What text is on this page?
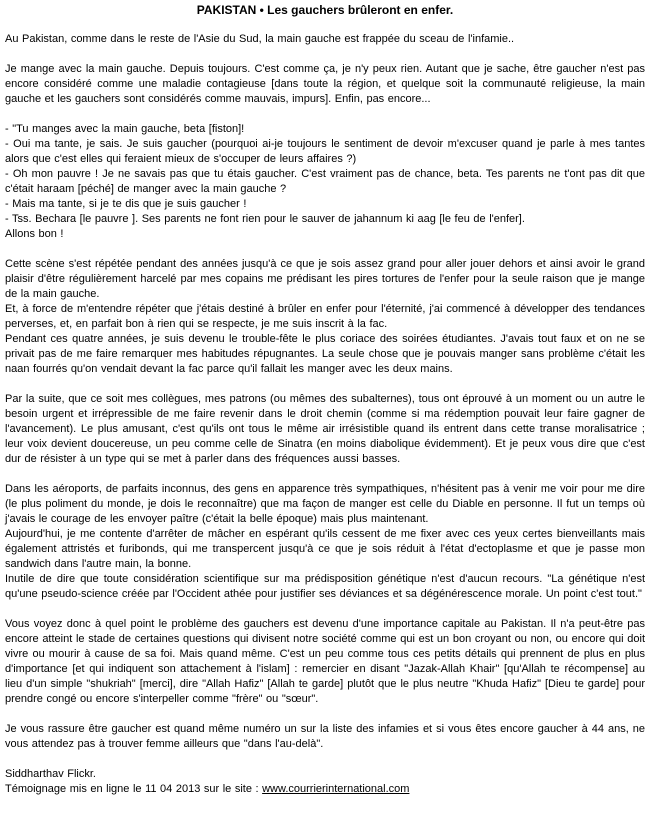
PAKISTAN • Les gauchers brûleront en enfer.
Au Pakistan, comme dans le reste de l'Asie du Sud, la main gauche est frappée du sceau de l'infamie..
Je mange avec la main gauche. Depuis toujours. C'est comme ça, je n'y peux rien. Autant que je sache, être gaucher n'est pas encore considéré comme une maladie contagieuse [dans toute la région, et quelque soit la communauté religieuse, la main gauche et les gauchers sont considérés comme mauvais, impurs]. Enfin, pas encore...
- "Tu manges avec la main gauche, beta [fiston]!
- Oui ma tante, je sais. Je suis gaucher (pourquoi ai-je toujours le sentiment de devoir m'excuser quand je parle à mes tantes alors que c'est elles qui feraient mieux de s'occuper de leurs affaires ?)
- Oh mon pauvre ! Je ne savais pas que tu étais gaucher. C'est vraiment pas de chance, beta. Tes parents ne t'ont pas dit que c'était haraam [péché] de manger avec la main gauche ?
- Mais ma tante, si je te dis que je suis gaucher !
- Tss. Bechara [le pauvre ]. Ses parents ne font rien pour le sauver de jahannum ki aag [le feu de l'enfer].
Allons bon !
Cette scène s'est répétée pendant des années jusqu'à ce que je sois assez grand pour aller jouer dehors et ainsi avoir le grand plaisir d'être régulièrement harcelé par mes copains me prédisant les pires tortures de l'enfer pour la seule raison que je mange de la main gauche.
Et, à force de m'entendre répéter que j'étais destiné à brûler en enfer pour l'éternité, j'ai commencé à développer des tendances perverses, et, en parfait bon à rien qui se respecte, je me suis inscrit à la fac.
Pendant ces quatre années, je suis devenu le trouble-fête le plus coriace des soirées étudiantes. J'avais tout faux et on ne se privait pas de me faire remarquer mes habitudes répugnantes. La seule chose que je pouvais manger sans problème c'était les naan fourrés qu'on vendait devant la fac parce qu'il fallait les manger avec les deux mains.
Par la suite, que ce soit mes collègues, mes patrons (ou mêmes des subalternes), tous ont éprouvé à un moment ou un autre le besoin urgent et irrépressible de me faire revenir dans le droit chemin (comme si ma rédemption pouvait leur faire gagner de l'avancement). Le plus amusant, c'est qu'ils ont tous le même air irrésistible quand ils entrent dans cette transe moralisatrice ; leur voix devient doucereuse, un peu comme celle de Sinatra (en moins diabolique évidemment). Et je peux vous dire que c'est dur de résister à un type qui se met à parler dans des fréquences aussi basses.
Dans les aéroports, de parfaits inconnus, des gens en apparence très sympathiques, n'hésitent pas à venir me voir pour me dire (le plus poliment du monde, je dois le reconnaître) que ma façon de manger est celle du Diable en personne. Il fut un temps où j'avais le courage de les envoyer paître (c'était la belle époque) mais plus maintenant.
Aujourd'hui, je me contente d'arrêter de mâcher en espérant qu'ils cessent de me fixer avec ces yeux certes bienveillants mais également attristés et furibonds, qui me transpercent jusqu'à ce que je sois réduit à l'état d'ectoplasme et que je passe mon sandwich dans l'autre main, la bonne.
Inutile de dire que toute considération scientifique sur ma prédisposition génétique n'est d'aucun recours. "La génétique n'est qu'une pseudo-science créée par l'Occident athée pour justifier ses déviances et sa dégénérescence morale. Un point c'est tout."
Vous voyez donc à quel point le problème des gauchers est devenu d'une importance capitale au Pakistan. Il n'a peut-être pas encore atteint le stade de certaines questions qui divisent notre société comme qui est un bon croyant ou non, ou encore qui doit vivre ou mourir à cause de sa foi. Mais quand même. C'est un peu comme tous ces petits détails qui prennent de plus en plus d'importance [et qui indiquent son attachement à l'islam] : remercier en disant "Jazak-Allah Khair" [qu'Allah te récompense] au lieu d'un simple "shukriah" [merci], dire "Allah Hafiz" [Allah te garde] plutôt que le plus neutre "Khuda Hafiz" [Dieu te garde] pour prendre congé ou encore s'interpeller comme "frère" ou "sœur".
Je vous rassure être gaucher est quand même numéro un sur la liste des infamies et si vous êtes encore gaucher à 44 ans, ne vous attendez pas à trouver femme ailleurs que "dans l'au-delà".
Siddharthav Flickr.
Témoignage mis en ligne le 11 04 2013 sur le site : www.courrierinternational.com
